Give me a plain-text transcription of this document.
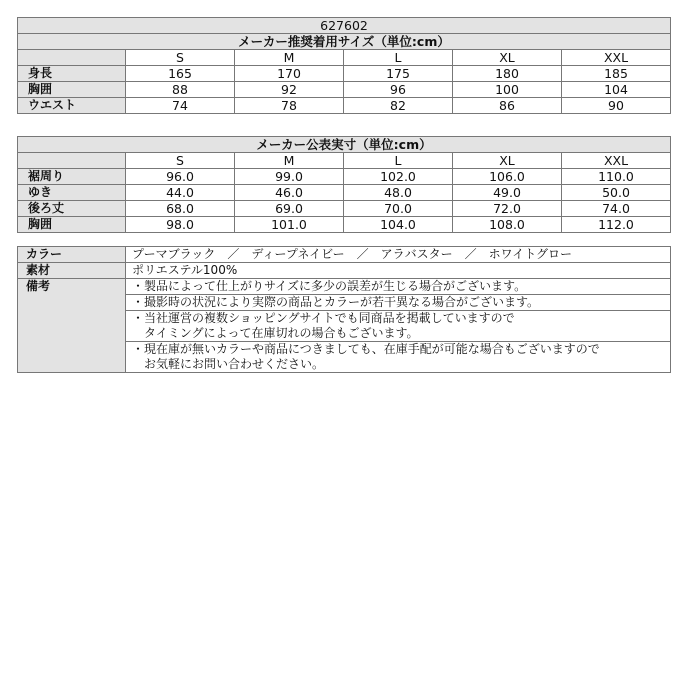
627602					
メーカー推奨着用サイズ（単位:cm）					
	S	M	L	XL	XXL
身長	165	170	175	180	185
胸囲	88	92	96	100	104
ウエスト	74	78	82	86	90
メーカー公表実寸（単位:cm）					
	S	M	L	XL	XXL
裾周り	96.0	99.0	102.0	106.0	110.0
ゆき	44.0	46.0	48.0	49.0	50.0
後ろ丈	68.0	69.0	70.0	72.0	74.0
胸囲	98.0	101.0	104.0	108.0	112.0
カラー	プーマブラック　／　ディープネイビー　／　アラバスター　／　ホワイトグロー
素材	ポリエステル100%
備考	・製品によって仕上がりサイズに多少の誤差が生じる場合がございます。
	・撮影時の状況により実際の商品とカラーが若干異なる場合がございます。
	・当社運営の複数ショッピングサイトでも同商品を掲載していますので
　タイミングによって在庫切れの場合もございます。
	・現在庫が無いカラーや商品につきましても、在庫手配が可能な場合もございますので
　お気軽にお問い合わせください。
